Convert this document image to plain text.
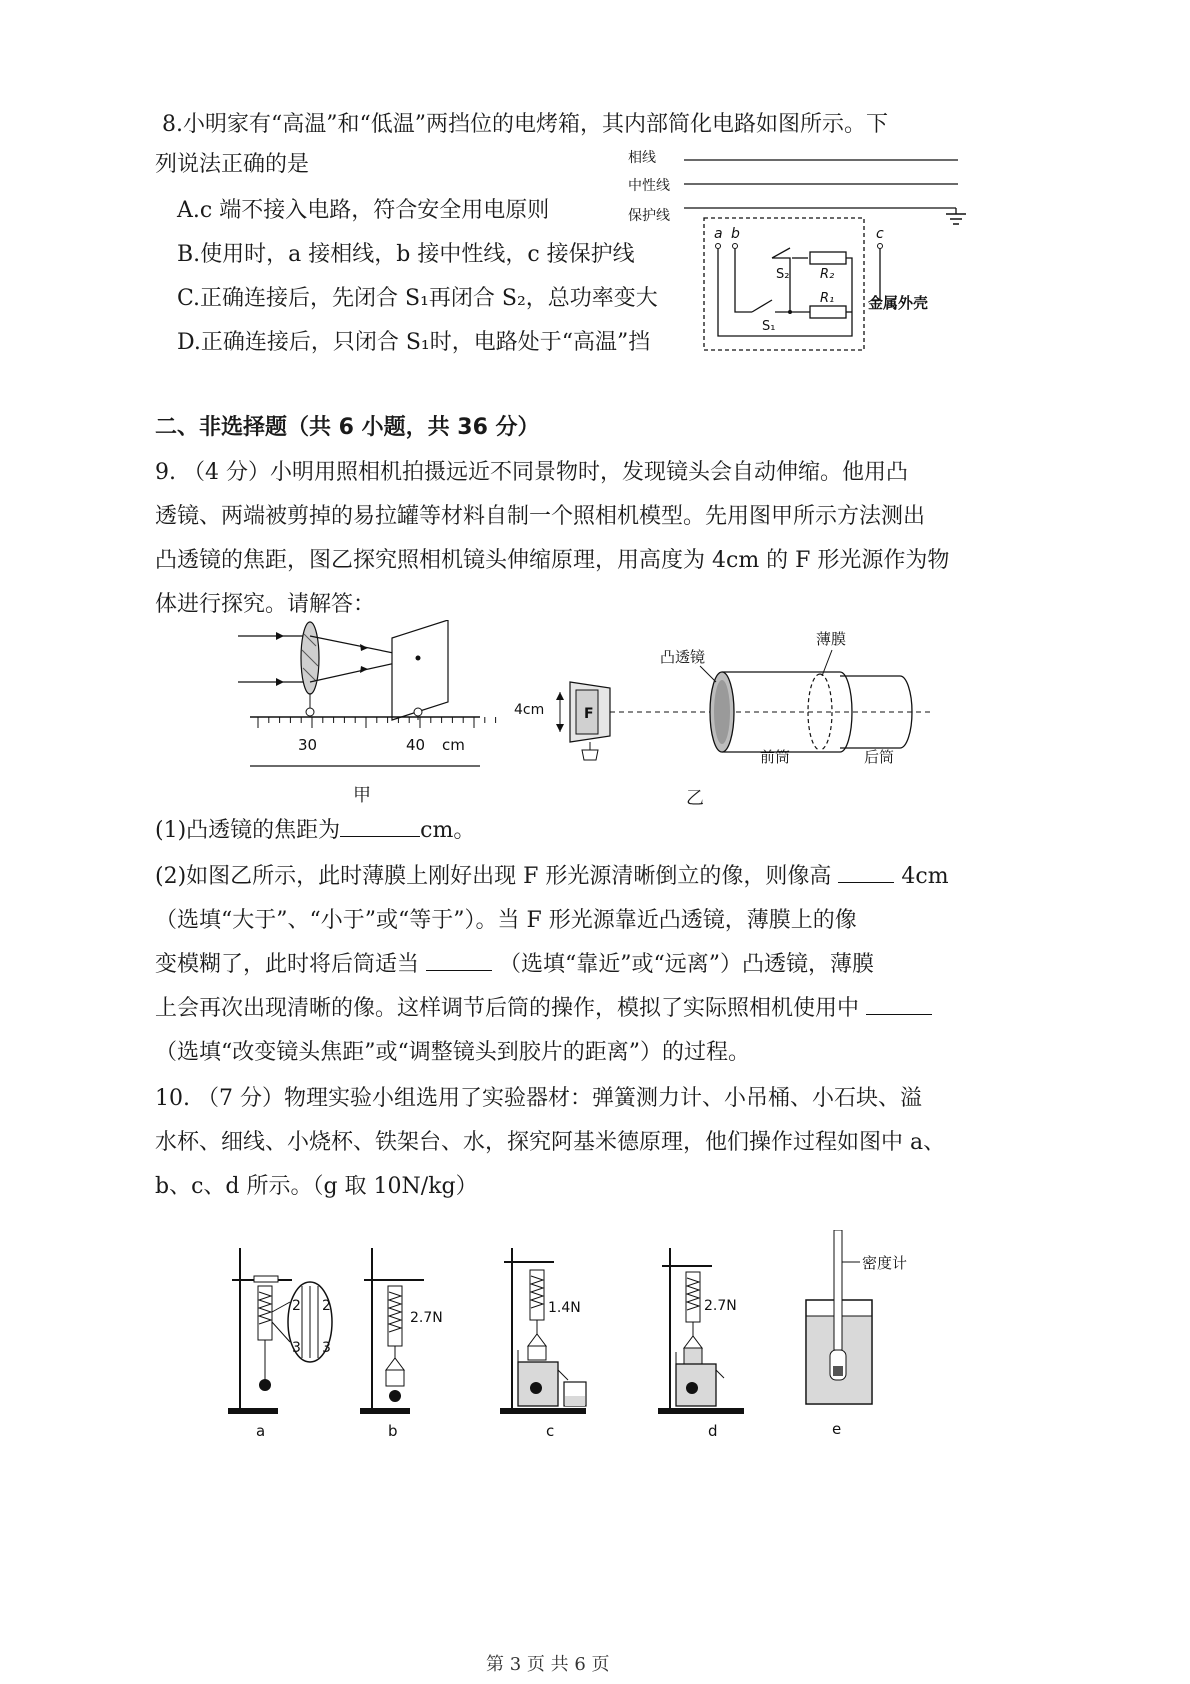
8.小明家有“高温”和“低温”两挡位的电烤箱，其内部简化电路如图所示。下
列说法正确的是
A.c 端不接入电路，符合安全用电原则
B.使用时，a 接相线，b 接中性线，c 接保护线
C.正确连接后，先闭合 S₁再闭合 S₂，总功率变大
D.正确连接后，只闭合 S₁时，电路处于“高温”挡
相线
中性线
保护线
a b	c
S₁
R₁
S₂ R₂
金属外壳
二、非选择题（共 6 小题，共 36 分）
9. （4 分）小明用照相机拍摄远近不同景物时，发现镜头会自动伸缩。他用凸
透镜、两端被剪掉的易拉罐等材料自制一个照相机模型。先用图甲所示方法测出
凸透镜的焦距，图乙探究照相机镜头伸缩原理，用高度为 4cm 的 F 形光源作为物
体进行探究。请解答：
30	40 cm
甲
F
4cm
凸透镜
薄膜
前筒	后筒
乙
(1)凸透镜的焦距为	cm。
(2)如图乙所示，此时薄膜上刚好出现 F 形光源清晰倒立的像，则像高	4cm
（选填“大于”、“小于”或“等于”）。当 F 形光源靠近凸透镜，薄膜上的像
变模糊了，此时将后筒适当	（选填“靠近”或“远离”）凸透镜，薄膜
上会再次出现清晰的像。这样调节后筒的操作，模拟了实际照相机使用中
（选填“改变镜头焦距”或“调整镜头到胶片的距离”）的过程。
10. （7 分）物理实验小组选用了实验器材：弹簧测力计、小吊桶、小石块、溢
水杯、细线、小烧杯、铁架台、水，探究阿基米德原理，他们操作过程如图中 a、
b、c、d 所示。（g 取 10N/kg）
2 2
3 3
a
2.7N
b
1.4N
c
2.7N
d
密度计
e
第 3 页 共 6 页
